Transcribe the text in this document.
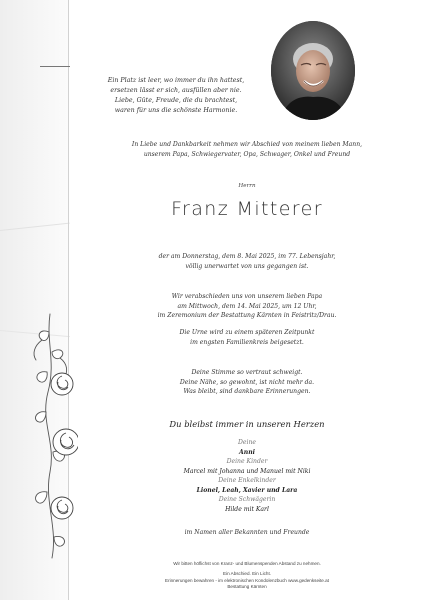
Ein Platz ist leer, wo immer du ihn hattest,
ersetzen lässt er sich, ausfüllen aber nie.
Liebe, Güte, Freude, die du brachtest,
waren für uns die schönste Harmonie.
In Liebe und Dankbarkeit nehmen wir Abschied von meinem lieben Mann,
unserem Papa, Schwiegervater, Opa, Schwager, Onkel und Freund
Herrn
Franz Mitterer
der am Donnerstag, dem 8. Mai 2025, im 77. Lebensjahr,
völlig unerwartet von uns gegangen ist.
Wir verabschieden uns von unserem lieben Papa
am Mittwoch, dem 14. Mai 2025, um 12 Uhr,
im Zeremonium der Bestattung Kärnten in Feistritz/Drau.
Die Urne wird zu einem späteren Zeitpunkt
im engsten Familienkreis beigesetzt.
Deine Stimme so vertraut schweigt.
Deine Nähe, so gewohnt, ist nicht mehr da.
Was bleibt, sind dankbare Erinnerungen.
Du bleibst immer in unseren Herzen
Deine
Anni
Deine Kinder
Marcel mit Johanna und Manuel mit Niki
Deine Enkelkinder
Lionel, Leah, Xavier und Lara
Deine Schwägerin
Hilde mit Karl
im Namen aller Bekannten und Freunde
Wir bitten höflichst von Kranz- und Blumenspenden Abstand zu nehmen.
Ein Abschied. Ein Licht.
Erinnerungen bewahren - im elektronischen Kondolenzbuch www.gedenkseite.at
Bestattung Kärnten
